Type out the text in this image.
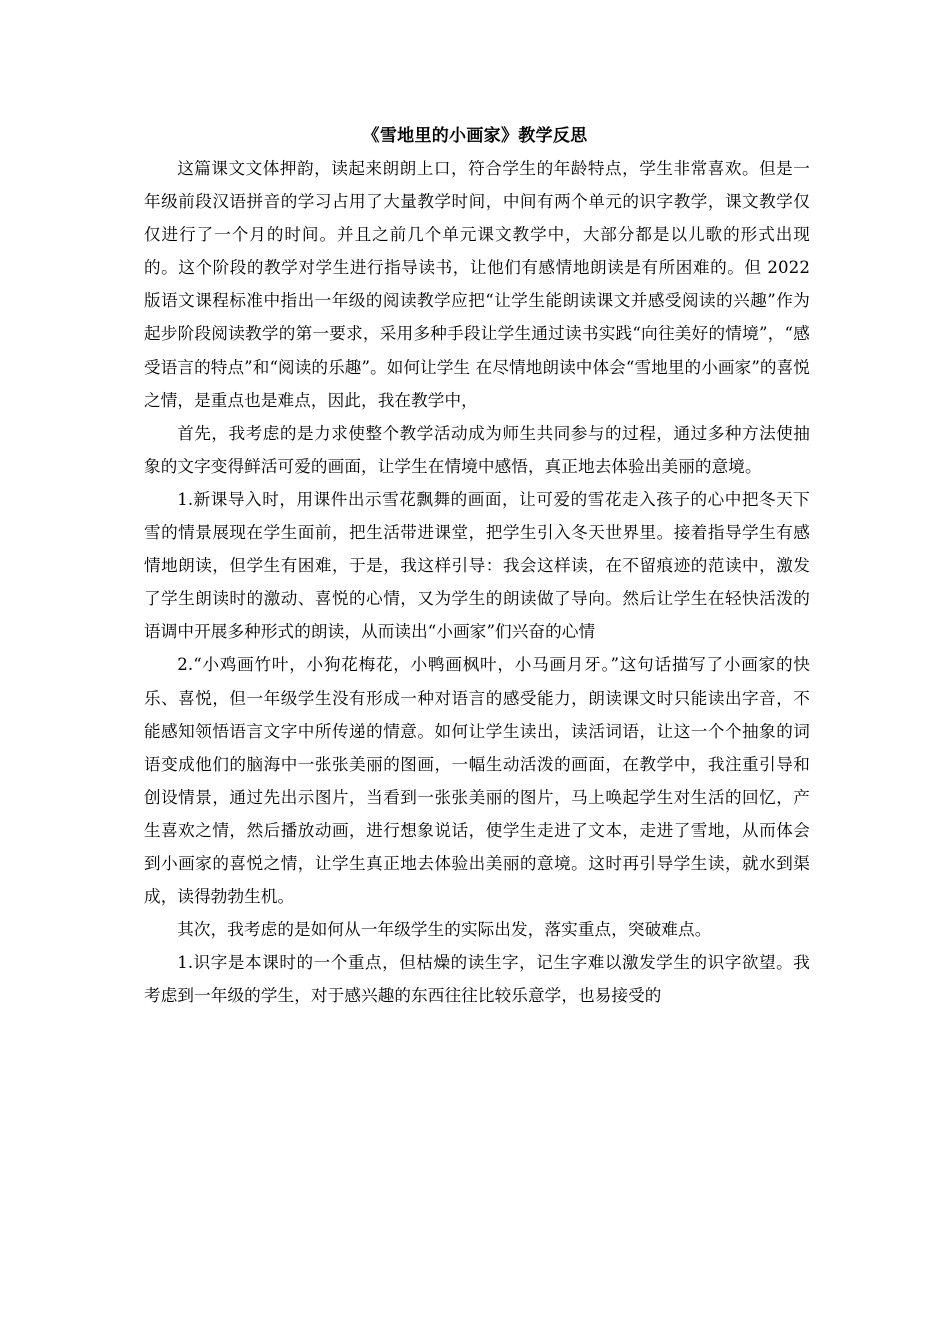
《雪地里的小画家》教学反思

这篇课文文体押韵，读起来朗朗上口，符合学生的年龄特点，学生非常喜欢。但是一年级前段汉语拼音的学习占用了大量教学时间，中间有两个单元的识字教学，课文教学仅仅进行了一个月的时间。并且之前几个单元课文教学中，大部分都是以儿歌的形式出现的。这个阶段的教学对学生进行指导读书，让他们有感情地朗读是有所困难的。但 2022 版语文课程标准中指出一年级的阅读教学应把“让学生能朗读课文并感受阅读的兴趣”作为起步阶段阅读教学的第一要求，采用多种手段让学生通过读书实践“向往美好的情境”，“感受语言的特点”和“阅读的乐趣”。如何让学生 在尽情地朗读中体会“雪地里的小画家”的喜悦之情，是重点也是难点，因此，我在教学中，

首先，我考虑的是力求使整个教学活动成为师生共同参与的过程，通过多种方法使抽象的文字变得鲜活可爱的画面，让学生在情境中感悟，真正地去体验出美丽的意境。

1.新课导入时，用课件出示雪花飘舞的画面，让可爱的雪花走入孩子的心中把冬天下雪的情景展现在学生面前，把生活带进课堂，把学生引入冬天世界里。接着指导学生有感情地朗读，但学生有困难，于是，我这样引导：我会这样读，在不留痕迹的范读中，激发了学生朗读时的激动、喜悦的心情，又为学生的朗读做了导向。然后让学生在轻快活泼的语调中开展多种形式的朗读，从而读出“小画家”们兴奋的心情

2.“小鸡画竹叶，小狗花梅花，小鸭画枫叶，小马画月牙。”这句话描写了小画家的快乐、喜悦，但一年级学生没有形成一种对语言的感受能力，朗读课文时只能读出字音，不能感知领悟语言文字中所传递的情意。如何让学生读出，读活词语，让这一个个抽象的词语变成他们的脑海中一张张美丽的图画，一幅生动活泼的画面，在教学中，我注重引导和创设情景，通过先出示图片，当看到一张张美丽的图片，马上唤起学生对生活的回忆，产生喜欢之情，然后播放动画，进行想象说话，使学生走进了文本，走进了雪地，从而体会到小画家的喜悦之情，让学生真正地去体验出美丽的意境。这时再引导学生读，就水到渠成，读得勃勃生机。

其次，我考虑的是如何从一年级学生的实际出发，落实重点，突破难点。

1.识字是本课时的一个重点，但枯燥的读生字，记生字难以激发学生的识字欲望。我考虑到一年级的学生，对于感兴趣的东西往往比较乐意学，也易接受的
